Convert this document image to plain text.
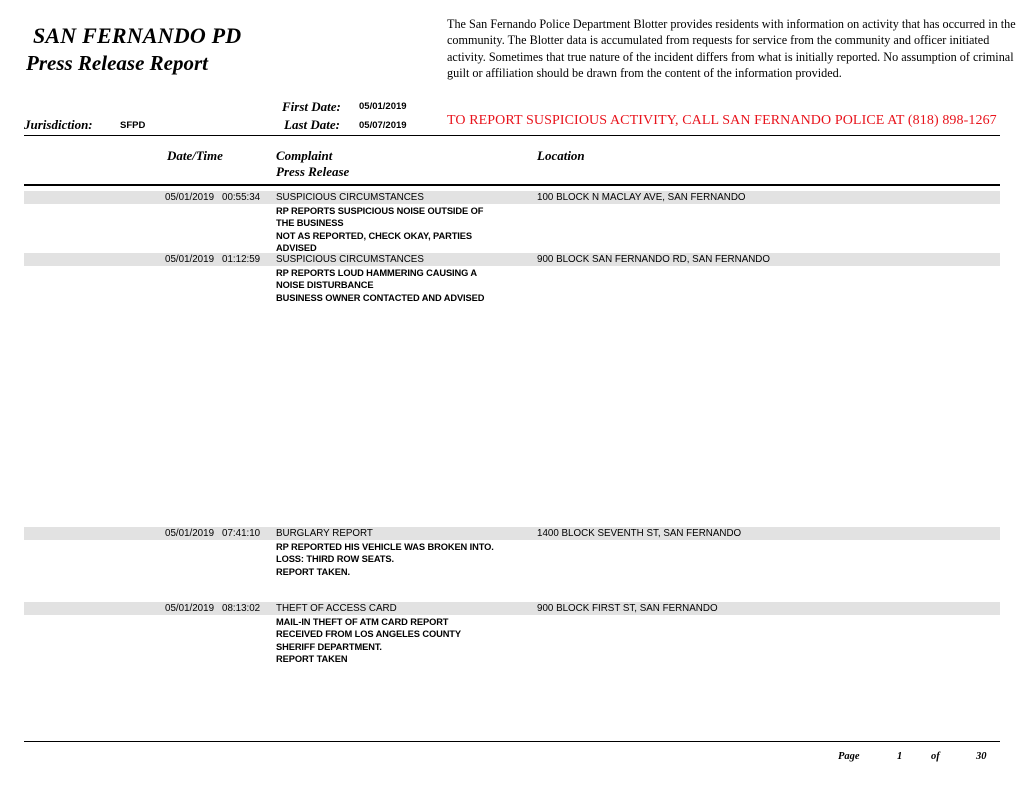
SAN FERNANDO PD
Press Release Report
The San Fernando Police Department Blotter provides residents with information on activity that has occurred in the community. The Blotter data is accumulated from requests for service from the community and officer initiated activity. Sometimes that true nature of the incident differs from what is initially reported. No assumption of criminal guilt or affiliation should be drawn from the content of the information provided.
First Date: 05/01/2019
Last Date: 05/07/2019
Jurisdiction:	SFPD	TO REPORT SUSPICIOUS ACTIVITY, CALL SAN FERNANDO POLICE AT (818) 898-1267
Date/Time	Complaint
Press Release
Location
05/01/2019 00:55:34 SUSPICIOUS CIRCUMSTANCES	100 BLOCK N MACLAY AVE, SAN FERNANDO
RP REPORTS SUSPICIOUS NOISE OUTSIDE OF
THE BUSINESS
NOT AS REPORTED, CHECK OKAY, PARTIES
ADVISED
05/01/2019 01:12:59 SUSPICIOUS CIRCUMSTANCES	900 BLOCK SAN FERNANDO RD, SAN FERNANDO
RP REPORTS LOUD HAMMERING CAUSING A
NOISE DISTURBANCE
BUSINESS OWNER CONTACTED AND ADVISED
05/01/2019 07:41:10 BURGLARY REPORT	1400 BLOCK SEVENTH ST, SAN FERNANDO
RP REPORTED HIS VEHICLE WAS BROKEN INTO.
LOSS: THIRD ROW SEATS.
REPORT TAKEN.
05/01/2019 08:13:02 THEFT OF ACCESS CARD	900 BLOCK FIRST ST, SAN FERNANDO
MAIL-IN THEFT OF ATM CARD REPORT
RECEIVED FROM LOS ANGELES COUNTY
SHERIFF DEPARTMENT.
REPORT TAKEN
Page	1	of	30
